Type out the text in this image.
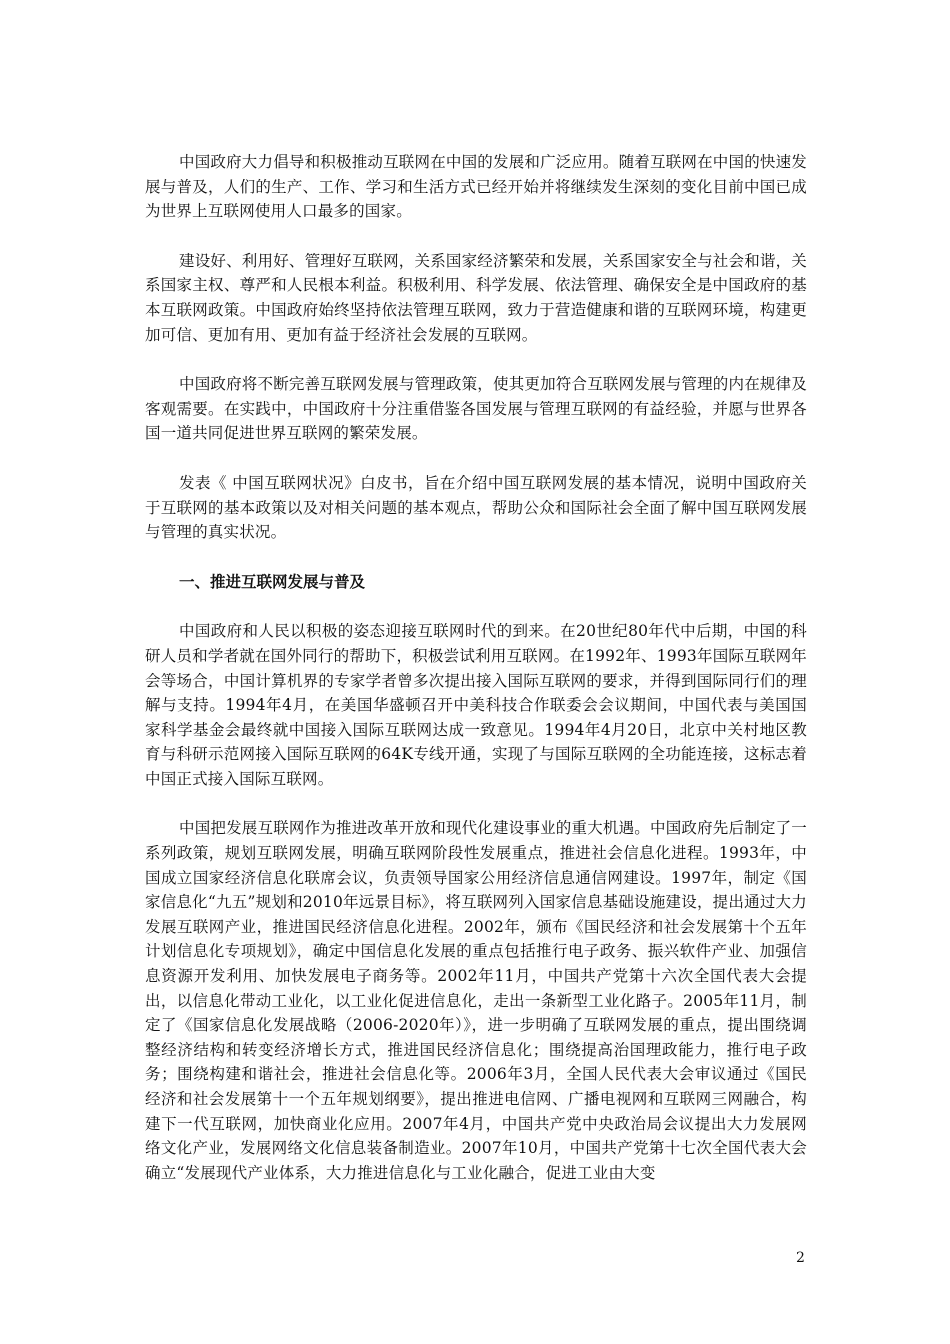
中国政府大力倡导和积极推动互联网在中国的发展和广泛应用。随着互联网在中国的快速发展与普及，人们的生产、工作、学习和生活方式已经开始并将继续发生深刻的变化目前中国已成为世界上互联网使用人口最多的国家。

建设好、利用好、管理好互联网，关系国家经济繁荣和发展，关系国家安全与社会和谐，关系国家主权、尊严和人民根本利益。积极利用、科学发展、依法管理、确保安全是中国政府的基本互联网政策。中国政府始终坚持依法管理互联网，致力于营造健康和谐的互联网环境，构建更加可信、更加有用、更加有益于经济社会发展的互联网。

中国政府将不断完善互联网发展与管理政策，使其更加符合互联网发展与管理的内在规律及客观需要。在实践中，中国政府十分注重借鉴各国发展与管理互联网的有益经验，并愿与世界各国一道共同促进世界互联网的繁荣发展。

发表《 中国互联网状况》白皮书，旨在介绍中国互联网发展的基本情况，说明中国政府关于互联网的基本政策以及对相关问题的基本观点，帮助公众和国际社会全面了解中国互联网发展与管理的真实状况。

一、推进互联网发展与普及

中国政府和人民以积极的姿态迎接互联网时代的到来。在20世纪80年代中后期，中国的科研人员和学者就在国外同行的帮助下，积极尝试利用互联网。在1992年、1993年国际互联网年会等场合，中国计算机界的专家学者曾多次提出接入国际互联网的要求，并得到国际同行们的理解与支持。1994年4月，在美国华盛顿召开中美科技合作联委会会议期间，中国代表与美国国家科学基金会最终就中国接入国际互联网达成一致意见。1994年4月20日，北京中关村地区教育与科研示范网接入国际互联网的64K专线开通，实现了与国际互联网的全功能连接，这标志着中国正式接入国际互联网。

中国把发展互联网作为推进改革开放和现代化建设事业的重大机遇。中国政府先后制定了一系列政策，规划互联网发展，明确互联网阶段性发展重点，推进社会信息化进程。1993年，中国成立国家经济信息化联席会议，负责领导国家公用经济信息通信网建设。1997年，制定《国家信息化“九五”规划和2010年远景目标》，将互联网列入国家信息基础设施建设，提出通过大力发展互联网产业，推进国民经济信息化进程。2002年，颁布《国民经济和社会发展第十个五年计划信息化专项规划》，确定中国信息化发展的重点包括推行电子政务、振兴软件产业、加强信息资源开发利用、加快发展电子商务等。2002年11月，中国共产党第十六次全国代表大会提出，以信息化带动工业化，以工业化促进信息化，走出一条新型工业化路子。2005年11月，制定了《国家信息化发展战略（2006-2020年）》，进一步明确了互联网发展的重点，提出围绕调整经济结构和转变经济增长方式，推进国民经济信息化；围绕提高治国理政能力，推行电子政务；围绕构建和谐社会，推进社会信息化等。2006年3月，全国人民代表大会审议通过《国民经济和社会发展第十一个五年规划纲要》，提出推进电信网、广播电视网和互联网三网融合，构建下一代互联网，加快商业化应用。2007年4月，中国共产党中央政治局会议提出大力发展网络文化产业，发展网络文化信息装备制造业。2007年10月，中国共产党第十七次全国代表大会确立“发展现代产业体系，大力推进信息化与工业化融合，促进工业由大变

2
